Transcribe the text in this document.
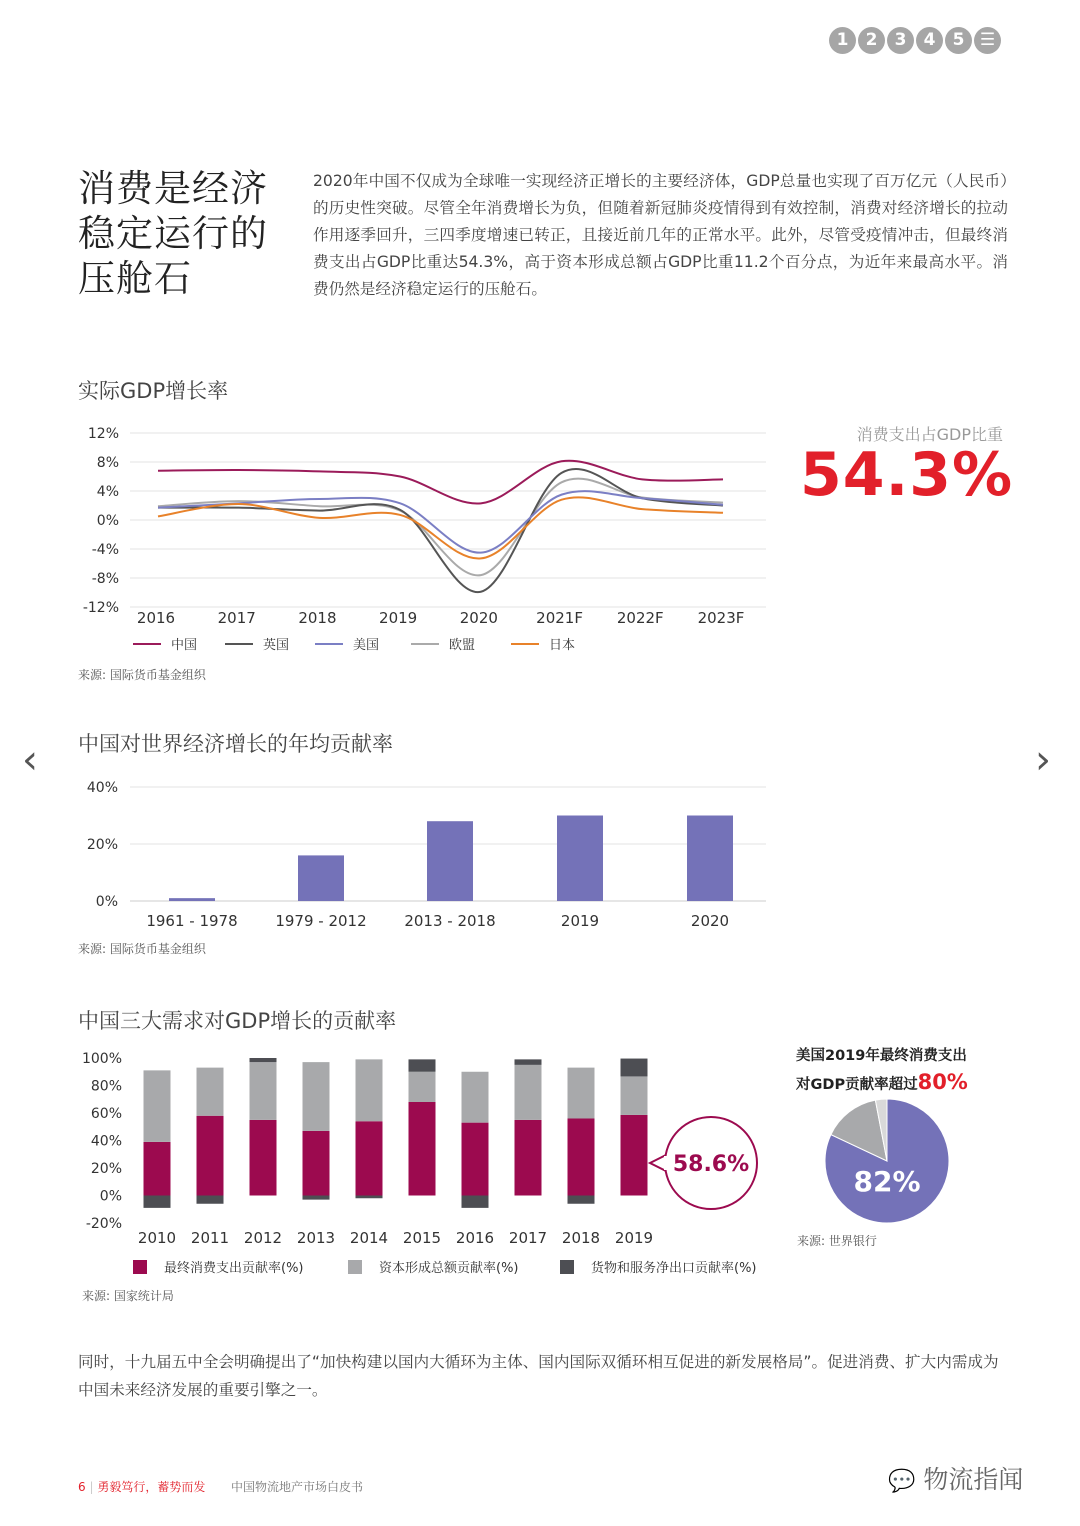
1	2	3	4	5 ☰
消费是经济
稳定运行的
压舱石
2020年中国不仅成为全球唯一实现经济正增长的主要经济体，GDP总量也实现了百万亿元（人民币）的历史性突破。尽管全年消费增长为负，但随着新冠肺炎疫情得到有效控制，消费对经济增长的拉动作用逐季回升，三四季度增速已转正，且接近前几年的正常水平。此外，尽管受疫情冲击，但最终消费支出占GDP比重达54.3%，高于资本形成总额占GDP比重11.2个百分点，为近年来最高水平。消费仍然是经济稳定运行的压舱石。
实际GDP增长率
12%
8%
4%
0%
-4%
-8%
-12%
2016	2017	2018	2019	2020	2021F 2022F 2023F
中国	英国	美国	欧盟	日本
来源: 国际货币基金组织
消费支出占GDP比重
54.3%
‹	›
中国对世界经济增长的年均贡献率
40%
20%
0%
1961 - 1978	1979 - 2012	2013 - 2018	2019	2020
来源: 国际货币基金组织
中国三大需求对GDP增长的贡献率
100%
80%
60%
40%
20%
0%
-20%
2010 2011 2012 2013 2014 2015 2016 2017 2018 2019
58.6%
最终消费支出贡献率(%)	资本形成总额贡献率(%)	货物和服务净出口贡献率(%)
来源: 国家统计局
美国2019年最终消费支出
对GDP贡献率超过80%
82%
来源: 世界银行
同时，十九届五中全会明确提出了“加快构建以国内大循环为主体、国内国际双循环相互促进的新发展格局”。促进消费、扩大内需成为中国未来经济发展的重要引擎之一。
6 | 勇毅笃行，蓄势而发 中国物流地产市场白皮书	💬 物流指闻
